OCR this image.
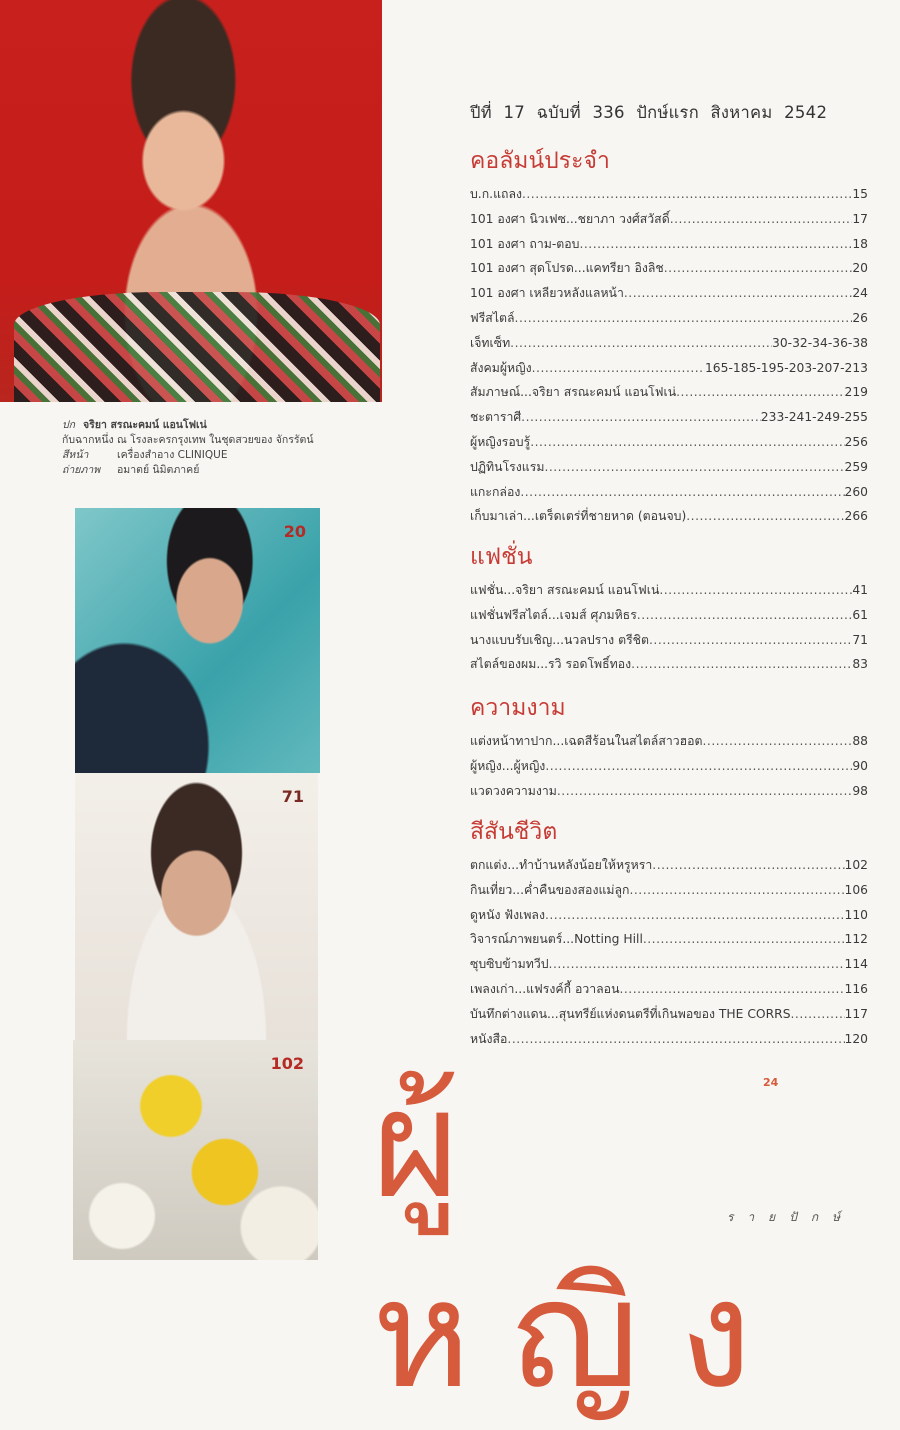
ปก จริยา สรณะคมน์ แอนโฟเน่
กับฉากหนึ่ง ณ โรงละครกรุงเทพ ในชุดสวยของ จักรรัตน์
สีหน้า	เครื่องสำอาง CLINIQUE
ถ่ายภาพ อมาตย์ นิมิตภาคย์
20
71
102
ปีที่ 17 ฉบับที่ 336 ปักษ์แรก สิงหาคม 2542
คอลัมน์ประจำ
บ.ก.แถลง .....	15
101 องศา นิวเฟซ...ชยาภา วงศ์สวัสดิ์ .....	17
101 องศา ถาม-ตอบ .....	18
101 องศา สุดโปรด...แคทรียา อิงลิช .....	20
101 องศา เหลียวหลังแลหน้า .....	24
ฟรีสไตล์ .....	26
เจ็ทเซ็ท .....	30-32-34-36-38
สังคมผู้หญิง .....	165-185-195-203-207-213
สัมภาษณ์...จริยา สรณะคมน์ แอนโฟเน่ .....	219
ชะตาราศี .....	233-241-249-255
ผู้หญิงรอบรู้ .....	256
ปฏิทินโรงแรม .....	259
แกะกล่อง .....	260
เก็บมาเล่า...เตร็ดเตร่ที่ชายหาด (ตอนจบ) .....	266
แฟชั่น
แฟชั่น...จริยา สรณะคมน์ แอนโฟเน่ .....	41
แฟชั่นฟรีสไตล์...เจมส์ ศุภมหิธร .....	61
นางแบบรับเชิญ...นวลปราง ตรีชิต .....	71
สไตล์ของผม...รวิ รอดโพธิ์ทอง .....	83
ความงาม
แต่งหน้าทาปาก...เฉดสีร้อนในสไตล์สาวฮอต .....	88
ผู้หญิง...ผู้หญิง .....	90
แวดวงความงาม .....	98
สีสันชีวิต
ตกแต่ง...ทำบ้านหลังน้อยให้หรูหรา .....	102
กินเที่ยว...ค่ำคืนของสองแม่ลูก .....	106
ดูหนัง ฟังเพลง .....	110
วิจารณ์ภาพยนตร์...Notting Hill .....	112
ซุบซิบข้ามทวีป .....	114
เพลงเก่า...แฟรงค์กี้ อวาลอน .....	116
บันทึกต่างแดน...สุนทรีย์แห่งดนตรีที่เกินพอของ THE CORRS .....	117
หนังสือ .....	120
ผู้หญิง
24
รายปักษ์
